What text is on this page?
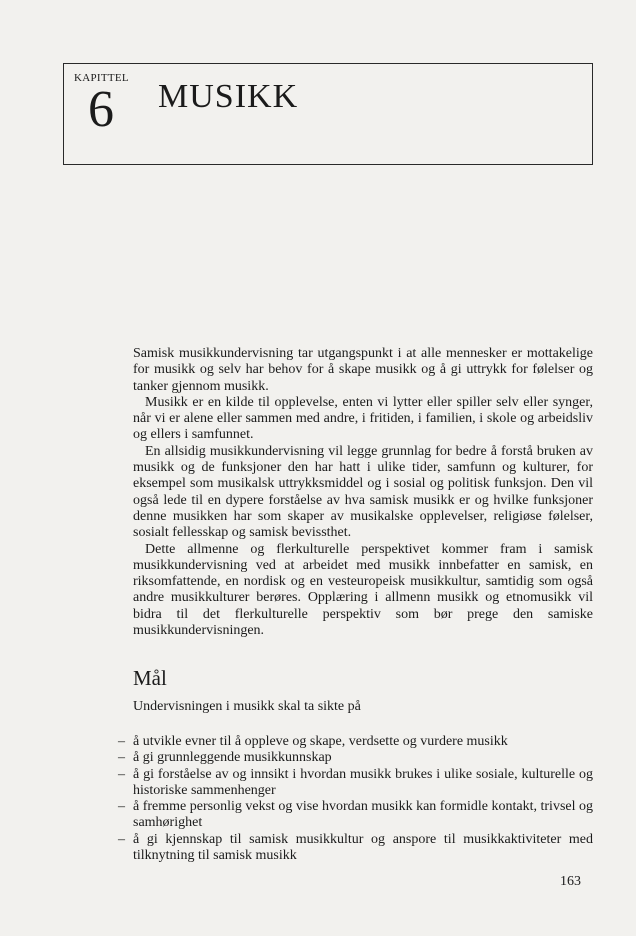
KAPITTEL
6 MUSIKK

Samisk musikkundervisning tar utgangspunkt i at alle mennesker er mottakelige for musikk og selv har behov for å skape musikk og å gi uttrykk for følelser og tanker gjennom musikk.

Musikk er en kilde til opplevelse, enten vi lytter eller spiller selv eller synger, når vi er alene eller sammen med andre, i fritiden, i familien, i skole og arbeidsliv og ellers i samfunnet.

En allsidig musikkundervisning vil legge grunnlag for bedre å forstå bruken av musikk og de funksjoner den har hatt i ulike tider, samfunn og kulturer, for eksempel som musikalsk uttrykksmiddel og i sosial og politisk funksjon. Den vil også lede til en dypere forståelse av hva samisk musikk er og hvilke funksjoner denne musikken har som skaper av musikalske opplevelser, religiøse følelser, sosialt fellesskap og samisk bevissthet.

Dette allmenne og flerkulturelle perspektivet kommer fram i samisk musikkundervisning ved at arbeidet med musikk innbefatter en samisk, en riksomfattende, en nordisk og en vesteuropeisk musikkultur, samtidig som også andre musikkulturer berøres. Opplæring i allmenn musikk og etnomusikk vil bidra til det flerkulturelle perspektiv som bør prege den samiske musikkundervisningen.

Mål

Undervisningen i musikk skal ta sikte på

– å utvikle evner til å oppleve og skape, verdsette og vurdere musikk
– å gi grunnleggende musikkunnskap
– å gi forståelse av og innsikt i hvordan musikk brukes i ulike sosiale, kulturelle og historiske sammenhenger
– å fremme personlig vekst og vise hvordan musikk kan formidle kontakt, trivsel og samhørighet
– å gi kjennskap til samisk musikkultur og anspore til musikkaktiviteter med tilknytning til samisk musikk
163
